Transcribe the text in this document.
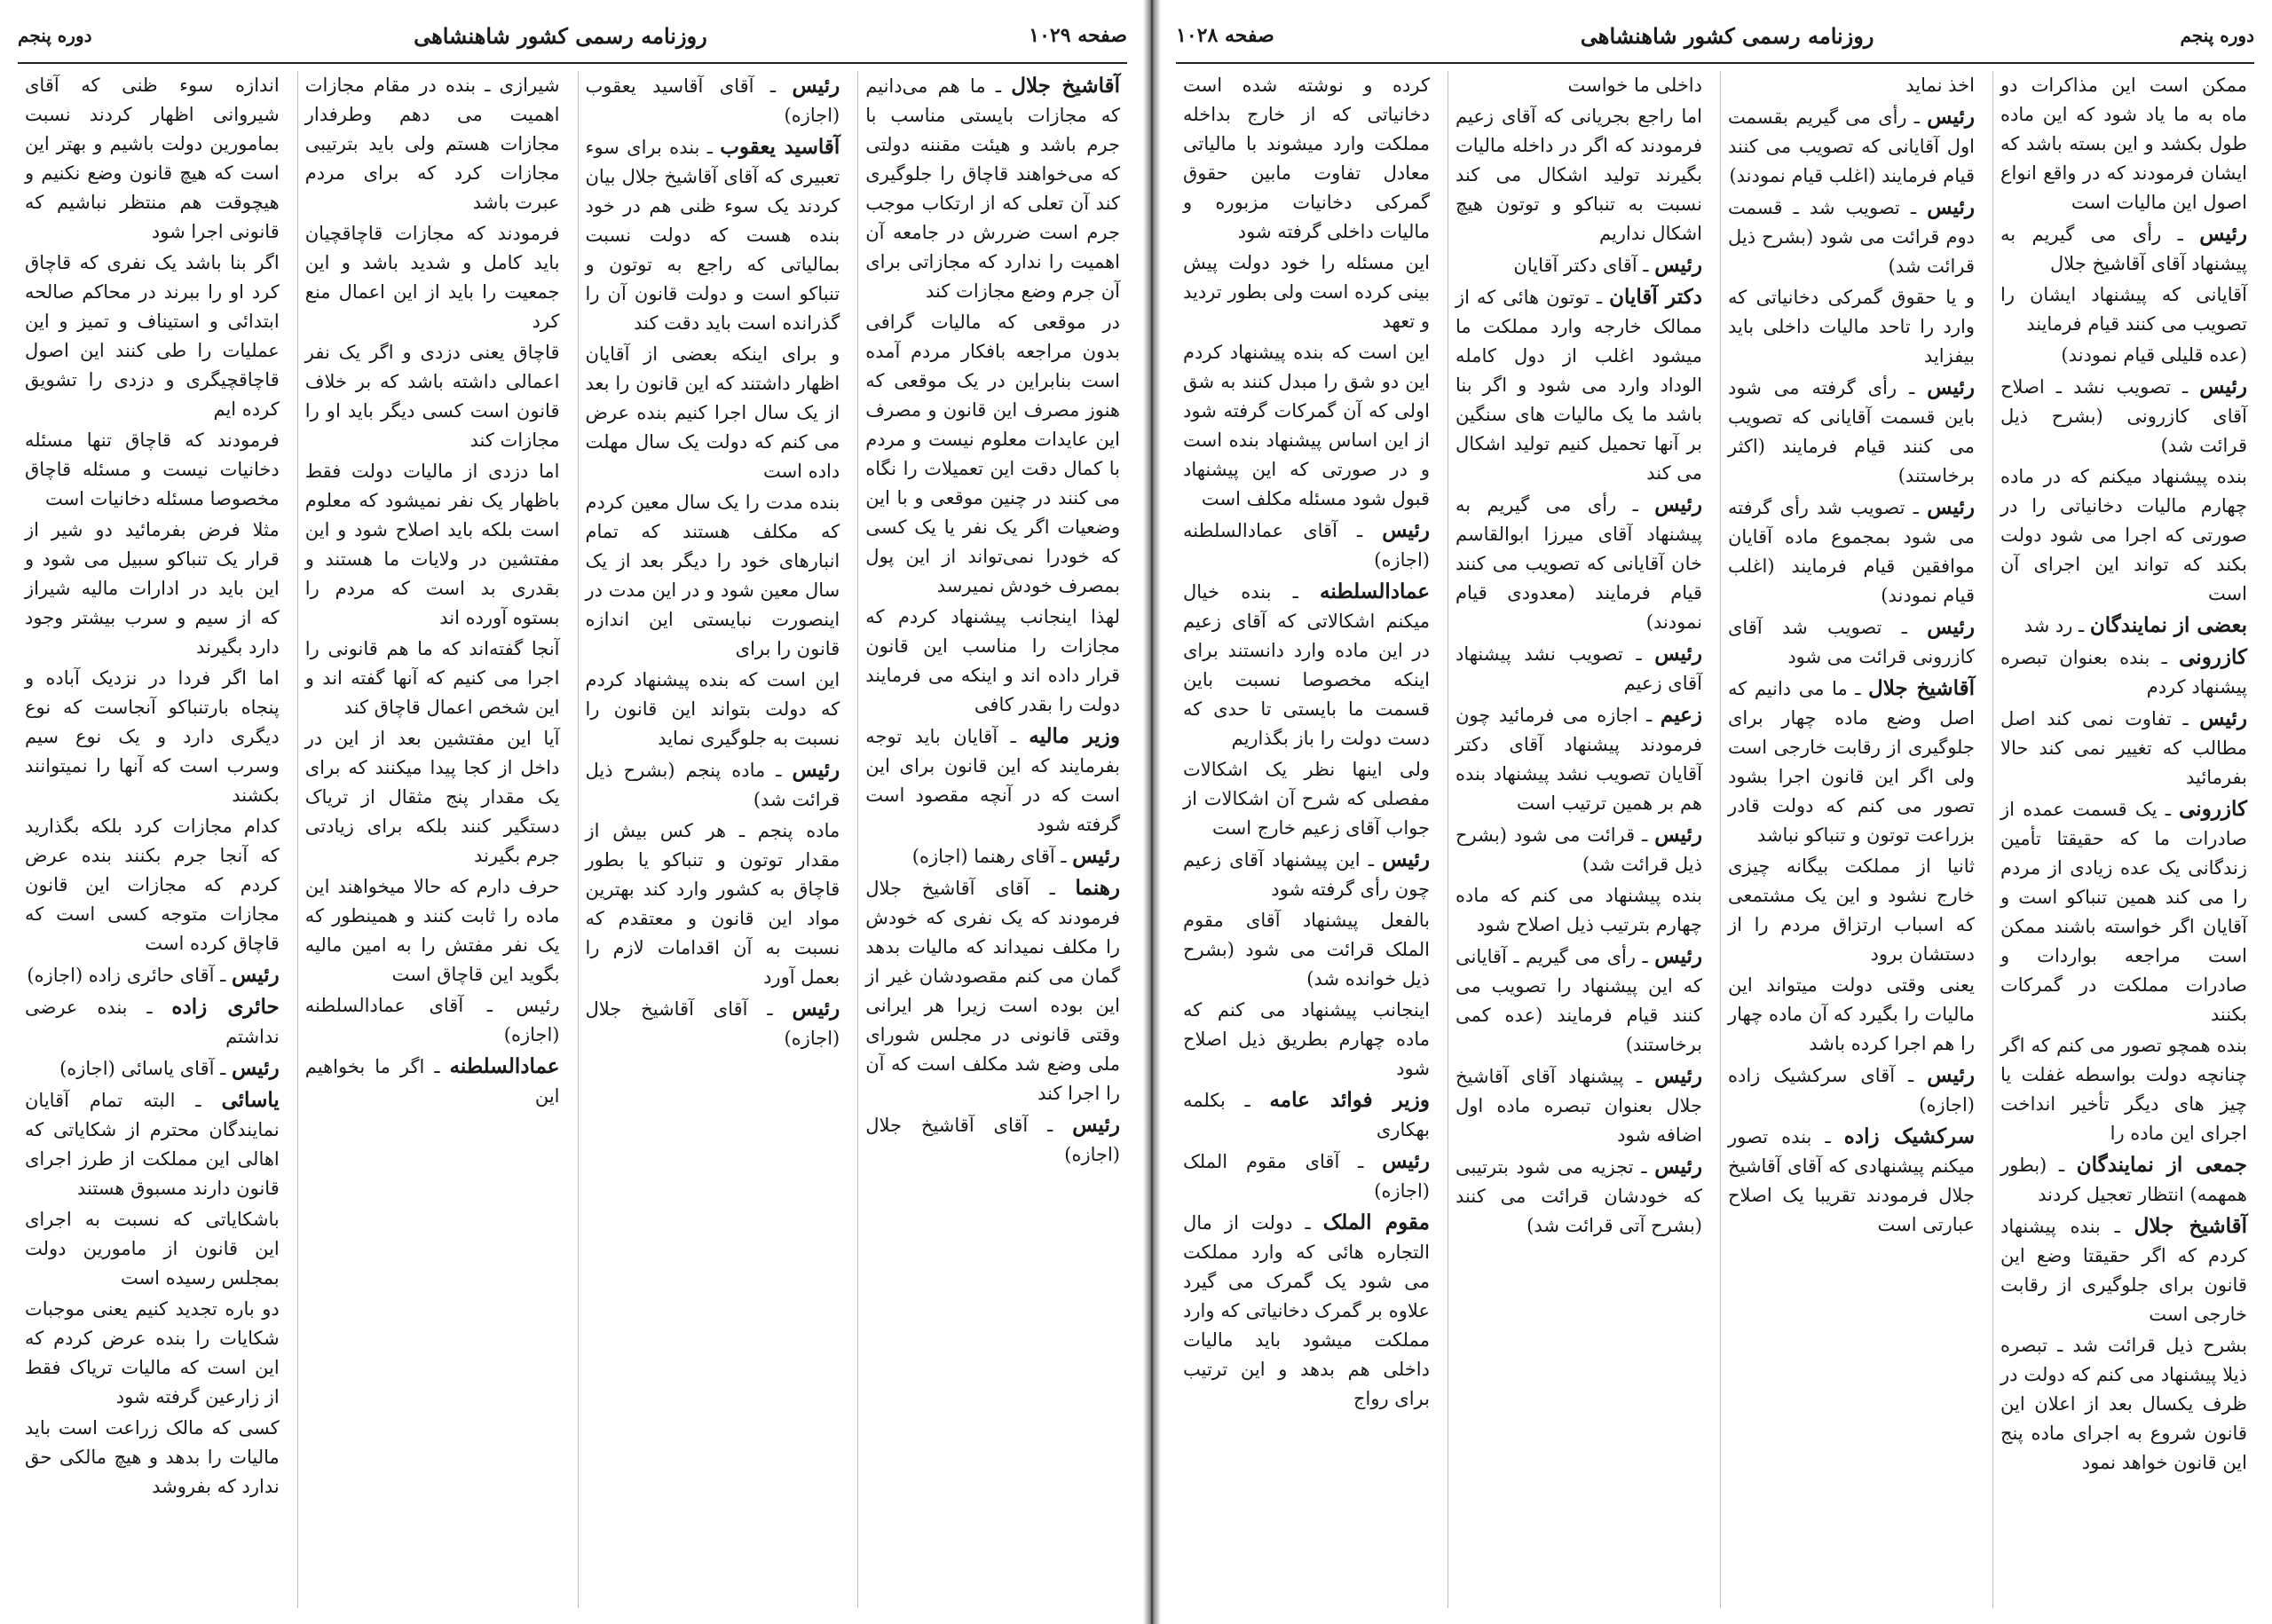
صفحه ۱۰۲۹
روزنامه رسمی کشور شاهنشاهی
دوره پنجم

آقاشیخ جلال ـ ما هم می‌دانیم که مجازات بایستی مناسب با جرم باشد و هیئت مقننه دولتی که می‌خواهند قاچاق را جلوگیری کند آن تعلی که از ارتکاب موجب جرم است ضررش در جامعه آن اهمیت را ندارد که مجازاتی برای آن جرم وضع مجازات کند

در موقعی که مالیات گرافی بدون مراجعه بافکار مردم آمده است بنابراین در یک موقعی که هنوز مصرف این قانون و مصرف این عایدات معلوم نیست و مردم با کمال دقت این تعمیلات را نگاه می کنند در چنین موقعی و با این وضعیات اگر یک نفر یا یک کسی که خودرا نمی‌تواند از این پول بمصرف خودش نمیرسد

لهذا اینجانب پیشنهاد کردم که مجازات را مناسب این قانون قرار داده اند و اینکه می فرمایند دولت را بقدر کافی

وزیر مالیه ـ آقایان باید توجه بفرمایند که این قانون برای این است که در آنچه مقصود است گرفته شود

رئیس ـ آقای رهنما (اجازه)

رهنما ـ آقای آقاشیخ جلال فرمودند که یک نفری که خودش را مکلف نمیداند که مالیات بدهد گمان می کنم مقصودشان غیر از این بوده است زیرا هر ایرانی وقتی قانونی در مجلس شورای ملی وضع شد مکلف است که آن را اجرا کند

رئیس ـ آقای آقاشیخ جلال (اجازه)

رئیس ـ آقای آقاسید یعقوب (اجازه)

آقاسید یعقوب ـ بنده برای سوء تعبیری که آقای آقاشیخ جلال بیان کردند یک سوء ظنی هم در خود بنده هست که دولت نسبت بمالیاتی که راجع به توتون و تنباکو است و دولت قانون آن را گذرانده است باید دقت کند

و برای اینکه بعضی از آقایان اظهار داشتند که این قانون را بعد از یک سال اجرا کنیم بنده عرض می کنم که دولت یک سال مهلت داده است

بنده مدت را یک سال معین کردم که مکلف هستند که تمام انبارهای خود را دیگر بعد از یک سال معین شود و در این مدت در اینصورت نبایستی این اندازه قانون را برای

این است که بنده پیشنهاد کردم که دولت بتواند این قانون را نسبت به جلوگیری نماید

رئیس ـ ماده پنجم (بشرح ذیل قرائت شد)

ماده پنجم ـ هر کس بیش از مقدار توتون و تنباکو یا بطور قاچاق به کشور وارد کند بهترین مواد این قانون و معتقدم که نسبت به آن اقدامات لازم را بعمل آورد

رئیس ـ آقای آقاشیخ جلال (اجازه)

شیرازی ـ بنده در مقام مجازات اهمیت می دهم وطرفدار مجازات هستم ولی باید بترتیبی مجازات کرد که برای مردم عبرت باشد

فرمودند که مجازات قاچاقچیان باید کامل و شدید باشد و این جمعیت را باید از این اعمال منع کرد

قاچاق یعنی دزدی و اگر یک نفر اعمالی داشته باشد که بر خلاف قانون است کسی دیگر باید او را مجازات کند

اما دزدی از مالیات دولت فقط باظهار یک نفر نمیشود که معلوم است بلکه باید اصلاح شود و این مفتشین در ولایات ما هستند و بقدری بد است که مردم را بستوه آورده اند

آنجا گفته‌اند که ما هم قانونی را اجرا می کنیم که آنها گفته اند و این شخص اعمال قاچاق کند

آیا این مفتشین بعد از این در داخل از کجا پیدا میکنند که برای یک مقدار پنج مثقال از تریاک دستگیر کنند بلکه برای زیادتی جرم بگیرند

حرف دارم که حالا میخواهند این ماده را ثابت کنند و همینطور که یک نفر مفتش را به امین مالیه بگوید این قاچاق است

رئیس ـ آقای عمادالسلطنه (اجازه)

عمادالسلطنه ـ اگر ما بخواهیم این

اندازه سوء ظنی که آقای شیروانی اظهار کردند نسبت بمامورین دولت باشیم و بهتر این است که هیچ قانون وضع نکنیم و هیچوقت هم منتظر نباشیم که قانونی اجرا شود

اگر بنا باشد یک نفری که قاچاق کرد او را ببرند در محاکم صالحه ابتدائی و استیناف و تمیز و این عملیات را طی کنند این اصول قاچاقچیگری و دزدی را تشویق کرده ایم

فرمودند که قاچاق تنها مسئله دخانیات نیست و مسئله قاچاق مخصوصا مسئله دخانیات است

مثلا فرض بفرمائید دو شیر از قرار یک تنباکو سبیل می شود و این باید در ادارات مالیه شیراز که از سیم و سرب بیشتر وجود دارد بگیرند

اما اگر فردا در نزدیک آباده و پنجاه بارتنباکو آنجاست که نوع دیگری دارد و یک نوع سیم وسرب است که آنها را نمیتوانند بکشند

کدام مجازات کرد بلکه بگذارید که آنجا جرم بکنند بنده عرض کردم که مجازات این قانون مجازات متوجه کسی است که قاچاق کرده است

رئیس ـ آقای حائری زاده (اجازه)

حائری زاده ـ بنده عرضی نداشتم

رئیس ـ آقای یاسائی (اجازه)

یاسائی ـ البته تمام آقایان نمایندگان محترم از شکایاتی که اهالی این مملکت از طرز اجرای قانون دارند مسبوق هستند

باشکایاتی که نسبت به اجرای این قانون از مامورین دولت بمجلس رسیده است

دو باره تجدید کنیم یعنی موجبات شکایات را بنده عرض کردم که این است که مالیات تریاک فقط از زارعین گرفته شود

کسی که مالک زراعت است باید مالیات را بدهد و هیچ مالکی حق ندارد که بفروشد

دوره پنجم
روزنامه رسمی کشور شاهنشاهی
صفحه ۱۰۲۸

ممکن است این مذاکرات دو ماه به ما یاد شود که این ماده طول بکشد و این بسته باشد که ایشان فرمودند که در واقع انواع اصول این مالیات است

رئیس ـ رأی می گیریم به پیشنهاد آقای آقاشیخ جلال

آقایانی که پیشنهاد ایشان را تصویب می کنند قیام فرمایند

(عده قلیلی قیام نمودند)

رئیس ـ تصویب نشد ـ اصلاح آقای کازرونی (بشرح ذیل قرائت شد)

بنده پیشنهاد میکنم که در ماده چهارم مالیات دخانیاتی را در صورتی که اجرا می شود دولت بکند که تواند این اجرای آن است

بعضی از نمایندگان ـ رد شد

کازرونی ـ بنده بعنوان تبصره پیشنهاد کردم

رئیس ـ تفاوت نمی کند اصل مطالب که تغییر نمی کند حالا بفرمائید

کازرونی ـ یک قسمت عمده از صادرات ما که حقیقتا تأمین زندگانی یک عده زیادی از مردم را می کند همین تنباکو است و آقایان اگر خواسته باشند ممکن است مراجعه بواردات و صادرات مملکت در گمرکات بکنند

بنده همچو تصور می کنم که اگر چنانچه دولت بواسطه غفلت یا چیز های دیگر تأخیر انداخت اجرای این ماده را

جمعی از نمایندگان ـ (بطور همهمه) انتظار تعجیل کردند

آقاشیخ جلال ـ بنده پیشنهاد کردم که اگر حقیقتا وضع این قانون برای جلوگیری از رقابت خارجی است

بشرح ذیل قرائت شد ـ تبصره ذیلا پیشنهاد می کنم که دولت در ظرف یکسال بعد از اعلان این قانون شروع به اجرای ماده پنج این قانون خواهد نمود

اخذ نماید

رئیس ـ رأی می گیریم بقسمت اول آقایانی که تصویب می کنند قیام فرمایند (اغلب قیام نمودند)

رئیس ـ تصویب شد ـ قسمت دوم قرائت می شود (بشرح ذیل قرائت شد)

و یا حقوق گمرکی دخانیاتی که وارد را تاحد مالیات داخلی باید بیفزاید

رئیس ـ رأی گرفته می شود باین قسمت آقایانی که تصویب می کنند قیام فرمایند (اکثر برخاستند)

رئیس ـ تصویب شد رأی گرفته می شود بمجموع ماده آقایان موافقین قیام فرمایند (اغلب قیام نمودند)

رئیس ـ تصویب شد آقای کازرونی قرائت می شود

آقاشیخ جلال ـ ما می دانیم که اصل وضع ماده چهار برای جلوگیری از رقابت خارجی است ولی اگر این قانون اجرا بشود تصور می کنم که دولت قادر بزراعت توتون و تنباکو نباشد

ثانیا از مملکت بیگانه چیزی خارج نشود و این یک مشتمعی که اسباب ارتزاق مردم را از دستشان برود

یعنی وقتی دولت میتواند این مالیات را بگیرد که آن ماده چهار را هم اجرا کرده باشد

رئیس ـ آقای سرکشیک زاده (اجازه)

سرکشیک زاده ـ بنده تصور میکنم پیشنهادی که آقای آقاشیخ جلال فرمودند تقریبا یک اصلاح عبارتی است

داخلی ما خواست

اما راجع بجریانی که آقای زعیم فرمودند که اگر در داخله مالیات بگیرند تولید اشکال می کند نسبت به تنباکو و توتون هیچ اشکال نداریم

رئیس ـ آقای دکتر آقایان

دکتر آقایان ـ توتون هائی که از ممالک خارجه وارد مملکت ما میشود اغلب از دول کامله الوداد وارد می شود و اگر بنا باشد ما یک مالیات های سنگین بر آنها تحمیل کنیم تولید اشکال می کند

رئیس ـ رأی می گیریم به پیشنهاد آقای میرزا ابوالقاسم خان آقایانی که تصویب می کنند قیام فرمایند (معدودی قیام نمودند)

رئیس ـ تصویب نشد پیشنهاد آقای زعیم

زعیم ـ اجازه می فرمائید چون فرمودند پیشنهاد آقای دکتر آقایان تصویب نشد پیشنهاد بنده هم بر همین ترتیب است

رئیس ـ قرائت می شود (بشرح ذیل قرائت شد)

بنده پیشنهاد می کنم که ماده چهارم بترتیب ذیل اصلاح شود

رئیس ـ رأی می گیریم ـ آقایانی که این پیشنهاد را تصویب می کنند قیام فرمایند (عده کمی برخاستند)

رئیس ـ پیشنهاد آقای آقاشیخ جلال بعنوان تبصره ماده اول اضافه شود

رئیس ـ تجزیه می شود بترتیبی که خودشان قرائت می کنند (بشرح آتی قرائت شد)

کرده و نوشته شده است دخانیاتی که از خارج بداخله مملکت وارد میشوند با مالیاتی معادل تفاوت مابین حقوق گمرکی دخانیات مزبوره و مالیات داخلی گرفته شود

این مسئله را خود دولت پیش بینی کرده است ولی بطور تردید و تعهد

این است که بنده پیشنهاد کردم این دو شق را مبدل کنند به شق اولی که آن گمرکات گرفته شود از این اساس پیشنهاد بنده است و در صورتی که این پیشنهاد قبول شود مسئله مکلف است

رئیس ـ آقای عمادالسلطنه (اجازه)

عمادالسلطنه ـ بنده خیال میکنم اشکالاتی که آقای زعیم در این ماده وارد دانستند برای اینکه مخصوصا نسبت باین قسمت ما بایستی تا حدی که دست دولت را باز بگذاریم

ولی اینها نظر یک اشکالات مفصلی که شرح آن اشکالات از جواب آقای زعیم خارج است

رئیس ـ این پیشنهاد آقای زعیم چون رأی گرفته شود

بالفعل پیشنهاد آقای مقوم الملک قرائت می شود (بشرح ذیل خوانده شد)

اینجانب پیشنهاد می کنم که ماده چهارم بطریق ذیل اصلاح شود

وزیر فوائد عامه ـ بکلمه بهکاری

رئیس ـ آقای مقوم الملک (اجازه)

مقوم الملک ـ دولت از مال التجاره هائی که وارد مملکت می شود یک گمرک می گیرد علاوه بر گمرک دخانیاتی که وارد مملکت میشود باید مالیات داخلی هم بدهد و این ترتیب برای رواج
